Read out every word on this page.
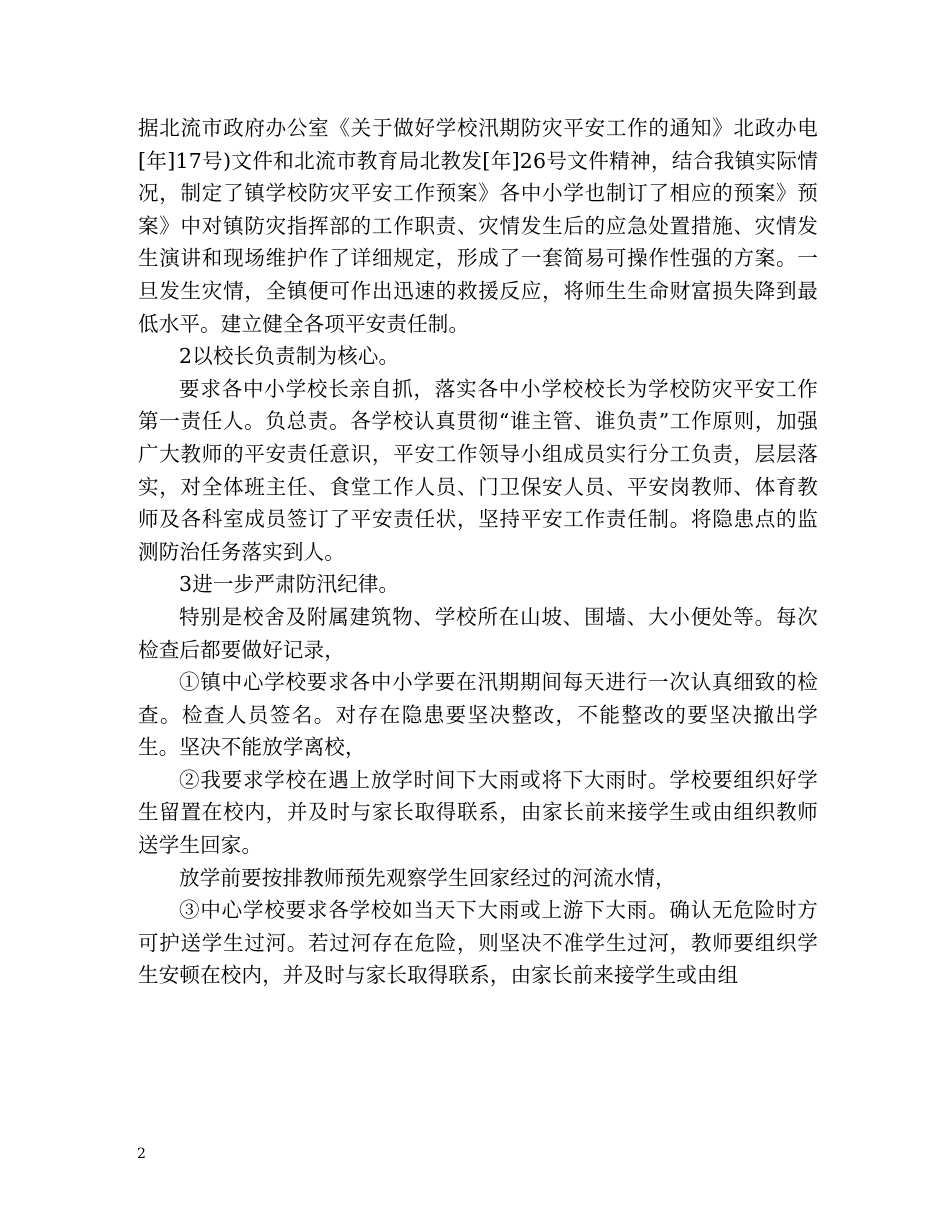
据北流市政府办公室《关于做好学校汛期防灾平安工作的通知》北政办电[年]17号)文件和北流市教育局北教发[年]26号文件精神，结合我镇实际情况，制定了镇学校防灾平安工作预案》各中小学也制订了相应的预案》预案》中对镇防灾指挥部的工作职责、灾情发生后的应急处置措施、灾情发生演讲和现场维护作了详细规定，形成了一套简易可操作性强的方案。一旦发生灾情，全镇便可作出迅速的救援反应，将师生生命财富损失降到最低水平。建立健全各项平安责任制。

2以校长负责制为核心。

要求各中小学校长亲自抓，落实各中小学校校长为学校防灾平安工作第一责任人。负总责。各学校认真贯彻“谁主管、谁负责”工作原则，加强广大教师的平安责任意识，平安工作领导小组成员实行分工负责，层层落实，对全体班主任、食堂工作人员、门卫保安人员、平安岗教师、体育教师及各科室成员签订了平安责任状，坚持平安工作责任制。将隐患点的监测防治任务落实到人。

3进一步严肃防汛纪律。

特别是校舍及附属建筑物、学校所在山坡、围墙、大小便处等。每次检查后都要做好记录，

①镇中心学校要求各中小学要在汛期期间每天进行一次认真细致的检查。检查人员签名。对存在隐患要坚决整改，不能整改的要坚决撤出学生。坚决不能放学离校，

②我要求学校在遇上放学时间下大雨或将下大雨时。学校要组织好学生留置在校内，并及时与家长取得联系，由家长前来接学生或由组织教师送学生回家。

放学前要按排教师预先观察学生回家经过的河流水情，

③中心学校要求各学校如当天下大雨或上游下大雨。确认无危险时方可护送学生过河。若过河存在危险，则坚决不准学生过河，教师要组织学生安顿在校内，并及时与家长取得联系，由家长前来接学生或由组

2
